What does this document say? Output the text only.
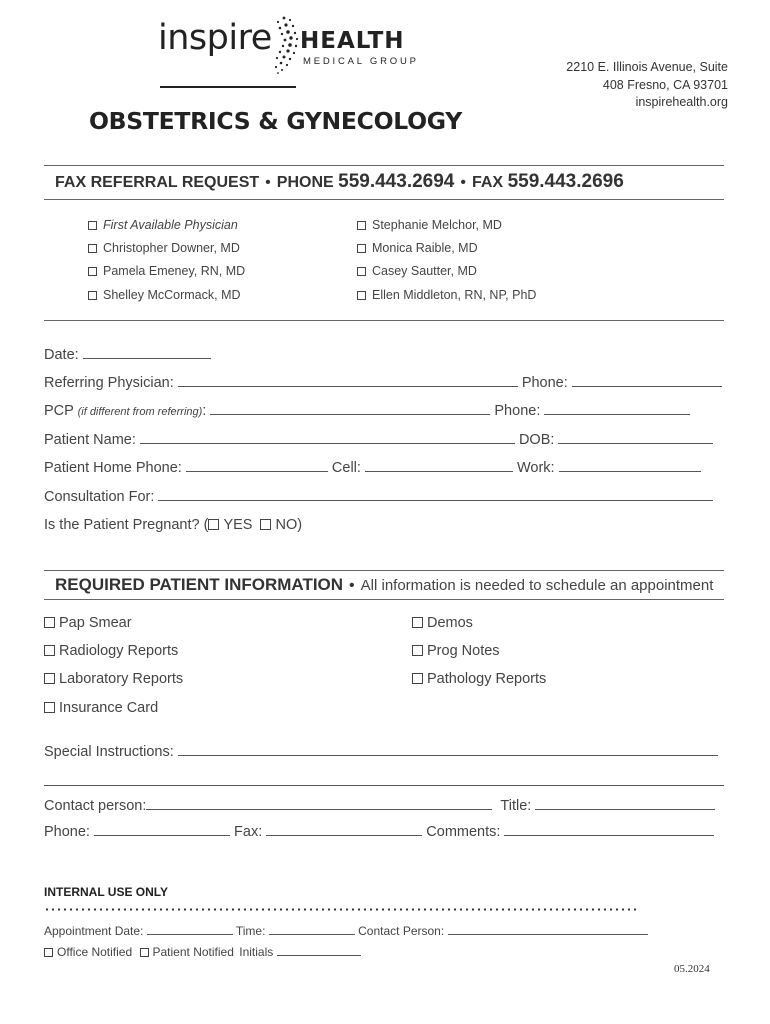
inspire HEALTH
MEDICAL GROUP	2210 E. Illinois Avenue, Suite
408 Fresno, CA 93701
inspirehealth.org
OBSTETRICS & GYNECOLOGY
FAX REFERRAL REQUEST • PHONE 559.443.2694 • FAX 559.443.2696
First Available Physician
Christopher Downer, MD
Pamela Emeney, RN, MD
Shelley McCormack, MD
Stephanie Melchor, MD
Monica Raible, MD
Casey Sautter, MD
Ellen Middleton, RN, NP, PhD
Date:
Referring Physician:	Phone:
PCP (if different from referring):	Phone:
Patient Name:	DOB:
Patient Home Phone:	Cell:	Work:
Consultation For:
Is the Patient Pregnant? ( YES NO)
REQUIRED PATIENT INFORMATION • All information is needed to schedule an appointment
Pap Smear
Radiology Reports
Laboratory Reports
Insurance Card
Demos
Prog Notes
Pathology Reports
Special Instructions:
Contact person:	Title:
Phone:	Fax:	Comments:
INTERNAL USE ONLY
Appointment Date:	Time:	Contact Person:
Office Notified Patient Notified Initials
05.2024
